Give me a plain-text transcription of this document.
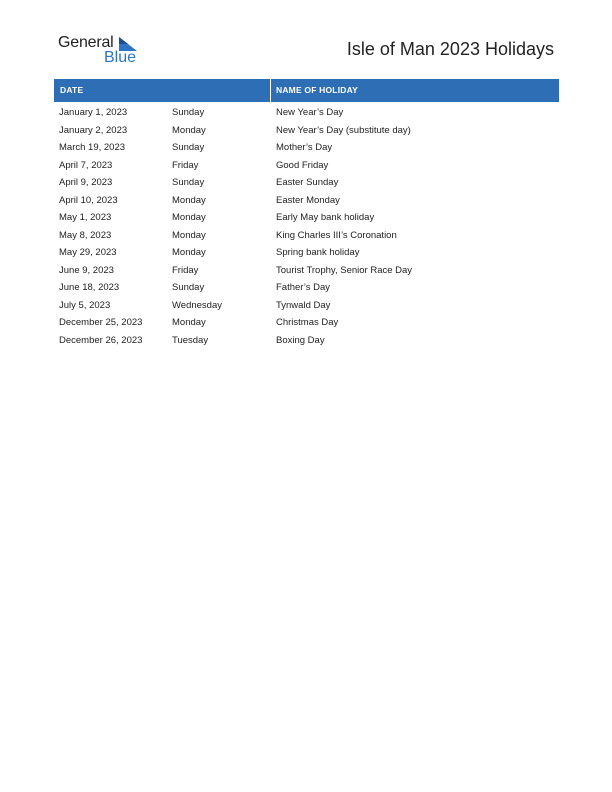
General
Blue	Isle of Man 2023 Holidays
DATE	NAME OF HOLIDAY
January 1, 2023	Sunday	New Year’s Day
January 2, 2023	Monday	New Year’s Day (substitute day)
March 19, 2023	Sunday	Mother’s Day
April 7, 2023	Friday	Good Friday
April 9, 2023	Sunday	Easter Sunday
April 10, 2023	Monday	Easter Monday
May 1, 2023	Monday	Early May bank holiday
May 8, 2023	Monday	King Charles III’s Coronation
May 29, 2023	Monday	Spring bank holiday
June 9, 2023	Friday	Tourist Trophy, Senior Race Day
June 18, 2023	Sunday	Father’s Day
July 5, 2023	Wednesday	Tynwald Day
December 25, 2023	Monday	Christmas Day
December 26, 2023	Tuesday	Boxing Day
